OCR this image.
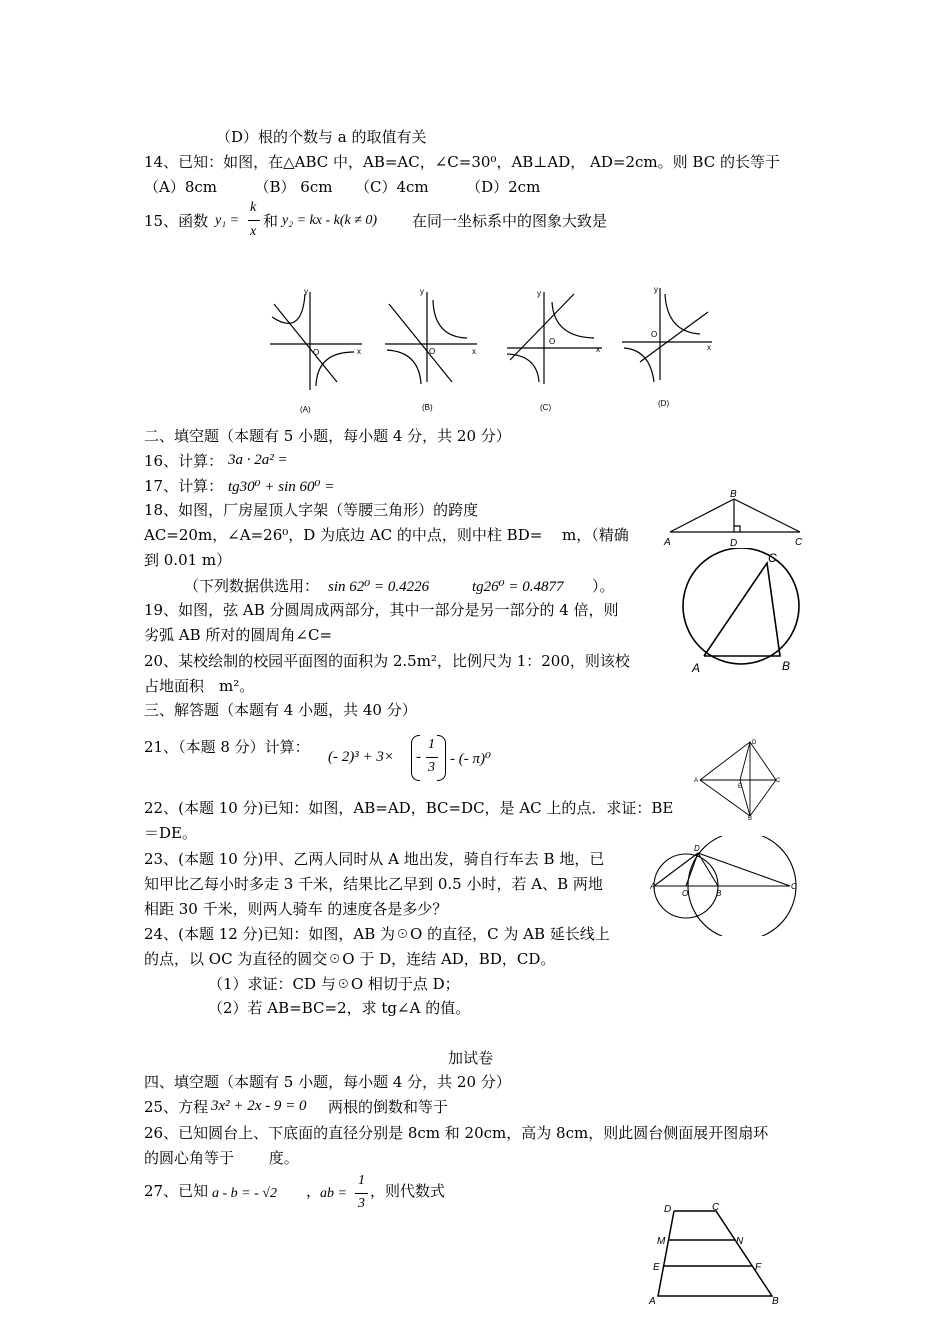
（D）根的个数与 a 的取值有关
14、已知：如图，在△ABC 中，AB=AC，∠C=30⁰，AB⊥AD， AD=2cm。则 BC 的长等于
（A）8cm　　　（B） 6cm　　（C）4cm　　　（D）2cm
15、函数 y₁ =
k
x
和 y₂ = kx - k(k ≠ 0) 在同一坐标系中的图象大致是
y
x
O
y
x
O
y
x
O
y
x
O
(A)	(B)	(C)	(D)
二、填空题（本题有 5 小题，每小题 4 分，共 20 分）
16、计算： 3a · 2a² =
17、计算： tg30⁰ + sin 60⁰ =
18、如图，厂房屋顶人字架（等腰三角形）的跨度
AC=20m，∠A=26⁰，D 为底边 AC 的中点，则中柱 BD=　 m，（精确
到 0.01 m）
（下列数据供选用： sin 62⁰ = 0.4226	tg26⁰ = 0.4877 ）。
19、如图，弦 AB 分圆周成两部分，其中一部分是另一部分的 4 倍，则
劣弧 AB 所对的圆周角∠C=
20、某校绘制的校园平面图的面积为 2.5m²，比例尺为 1：200，则该校
占地面积　m²。
三、解答题（本题有 4 小题，共 40 分）
A
B
C
D
A	B
C
21、（本题 8 分）计算：
(- 2)³ + 3× -
1
3
- (- π)⁰
D
B
A	C
E
22、(本题 10 分)已知：如图，AB=AD，BC=DC，是 AC 上的点．求证：BE
＝DE。
23、(本题 10 分)甲、乙两人同时从 A 地出发，骑自行车去 B 地，已
知甲比乙每小时多走 3 千米，结果比乙早到 0.5 小时，若 A、B 两地
相距 30 千米，则两人骑车 的速度各是多少？
D
A
O	B
C
24、(本题 12 分)已知：如图，AB 为☉O 的直径，C 为 AB 延长线上
的点，以 OC 为直径的圆交☉O 于 D，连结 AD，BD，CD。
（1）求证：CD 与☉O 相切于点 D；
（2）若 AB=BC=2，求 tg∠A 的值。
加试卷
四、填空题（本题有 5 小题，每小题 4 分，共 20 分）
25、方程 3x² + 2x - 9 = 0 两根的倒数和等于
26、已知圆台上、下底面的直径分别是 8cm 和 20cm，高为 8cm，则此圆台侧面展开图扇环
的圆心角等于　　 度。
27、已知 a - b = - √2 ，
ab =
1
3
，则代数式
D	C
M	N
E	F
A	B
